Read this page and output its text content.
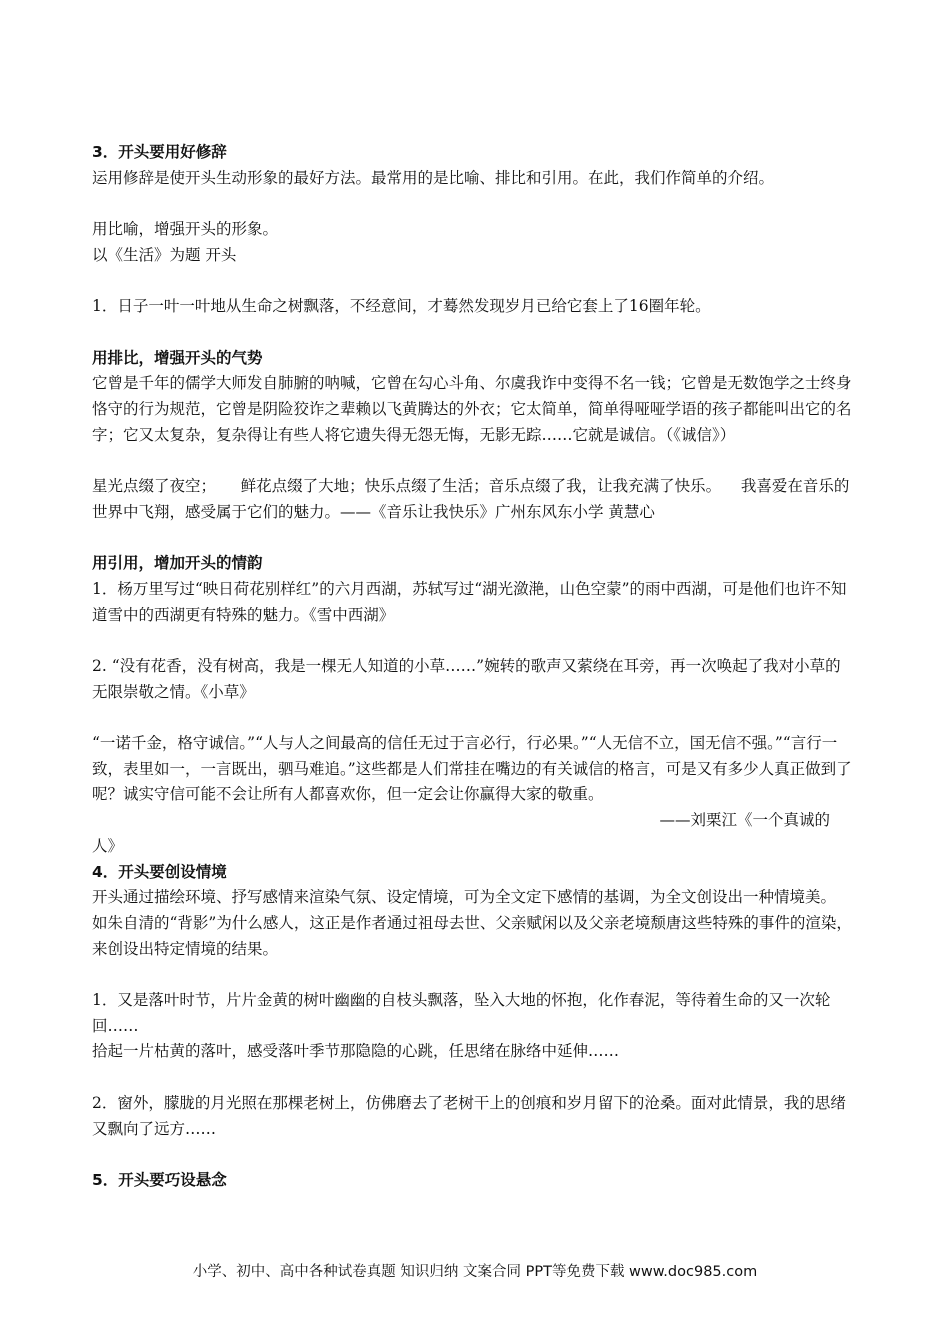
3．开头要用好修辞

运用修辞是使开头生动形象的最好方法。最常用的是比喻、排比和引用。在此，我们作简单的介绍。

用比喻，增强开头的形象。

以《生活》为题 开头

1．日子一叶一叶地从生命之树飘落，不经意间，才蓦然发现岁月已给它套上了16圈年轮。

用排比，增强开头的气势

它曾是千年的儒学大师发自肺腑的呐喊，它曾在勾心斗角、尔虞我诈中变得不名一钱；它曾是无数饱学之士终身恪守的行为规范，它曾是阴险狡诈之辈赖以飞黄腾达的外衣；它太简单，简单得哑哑学语的孩子都能叫出它的名字；它又太复杂，复杂得让有些人将它遗失得无怨无悔，无影无踪……它就是诚信。（《诚信》）

星光点缀了夜空；     鲜花点缀了大地；快乐点缀了生活；音乐点缀了我，让我充满了快乐。    我喜爱在音乐的世界中飞翔，感受属于它们的魅力。——《音乐让我快乐》广州东风东小学 黄慧心

用引用，增加开头的情韵

1．杨万里写过“映日荷花别样红”的六月西湖，苏轼写过“湖光潋滟，山色空蒙”的雨中西湖，可是他们也许不知道雪中的西湖更有特殊的魅力。《雪中西湖》

2. “没有花香，没有树高，我是一棵无人知道的小草……”婉转的歌声又萦绕在耳旁，再一次唤起了我对小草的无限崇敬之情。《小草》

“一诺千金，格守诚信。”“人与人之间最高的信任无过于言必行，行必果。”“人无信不立，国无信不强。”“言行一致，表里如一，一言既出，驷马难追。”这些都是人们常挂在嘴边的有关诚信的格言，可是又有多少人真正做到了呢？诚实守信可能不会让所有人都喜欢你，但一定会让你赢得大家的敬重。

——刘栗江《一个真诚的

人》

4．开头要创设情境

开头通过描绘环境、抒写感情来渲染气氛、设定情境，可为全文定下感情的基调，为全文创设出一种情境美。

如朱自清的“背影”为什么感人，这正是作者通过祖母去世、父亲赋闲以及父亲老境颓唐这些特殊的事件的渲染，来创设出特定情境的结果。

1．又是落叶时节，片片金黄的树叶幽幽的自枝头飘落，坠入大地的怀抱，化作春泥，等待着生命的又一次轮回……

拾起一片枯黄的落叶，感受落叶季节那隐隐的心跳，任思绪在脉络中延伸……

2．窗外，朦胧的月光照在那棵老树上，仿佛磨去了老树干上的创痕和岁月留下的沧桑。面对此情景，我的思绪又飘向了远方……

5．开头要巧设悬念

小学、初中、高中各种试卷真题 知识归纳 文案合同 PPT等免费下载 www.doc985.com
